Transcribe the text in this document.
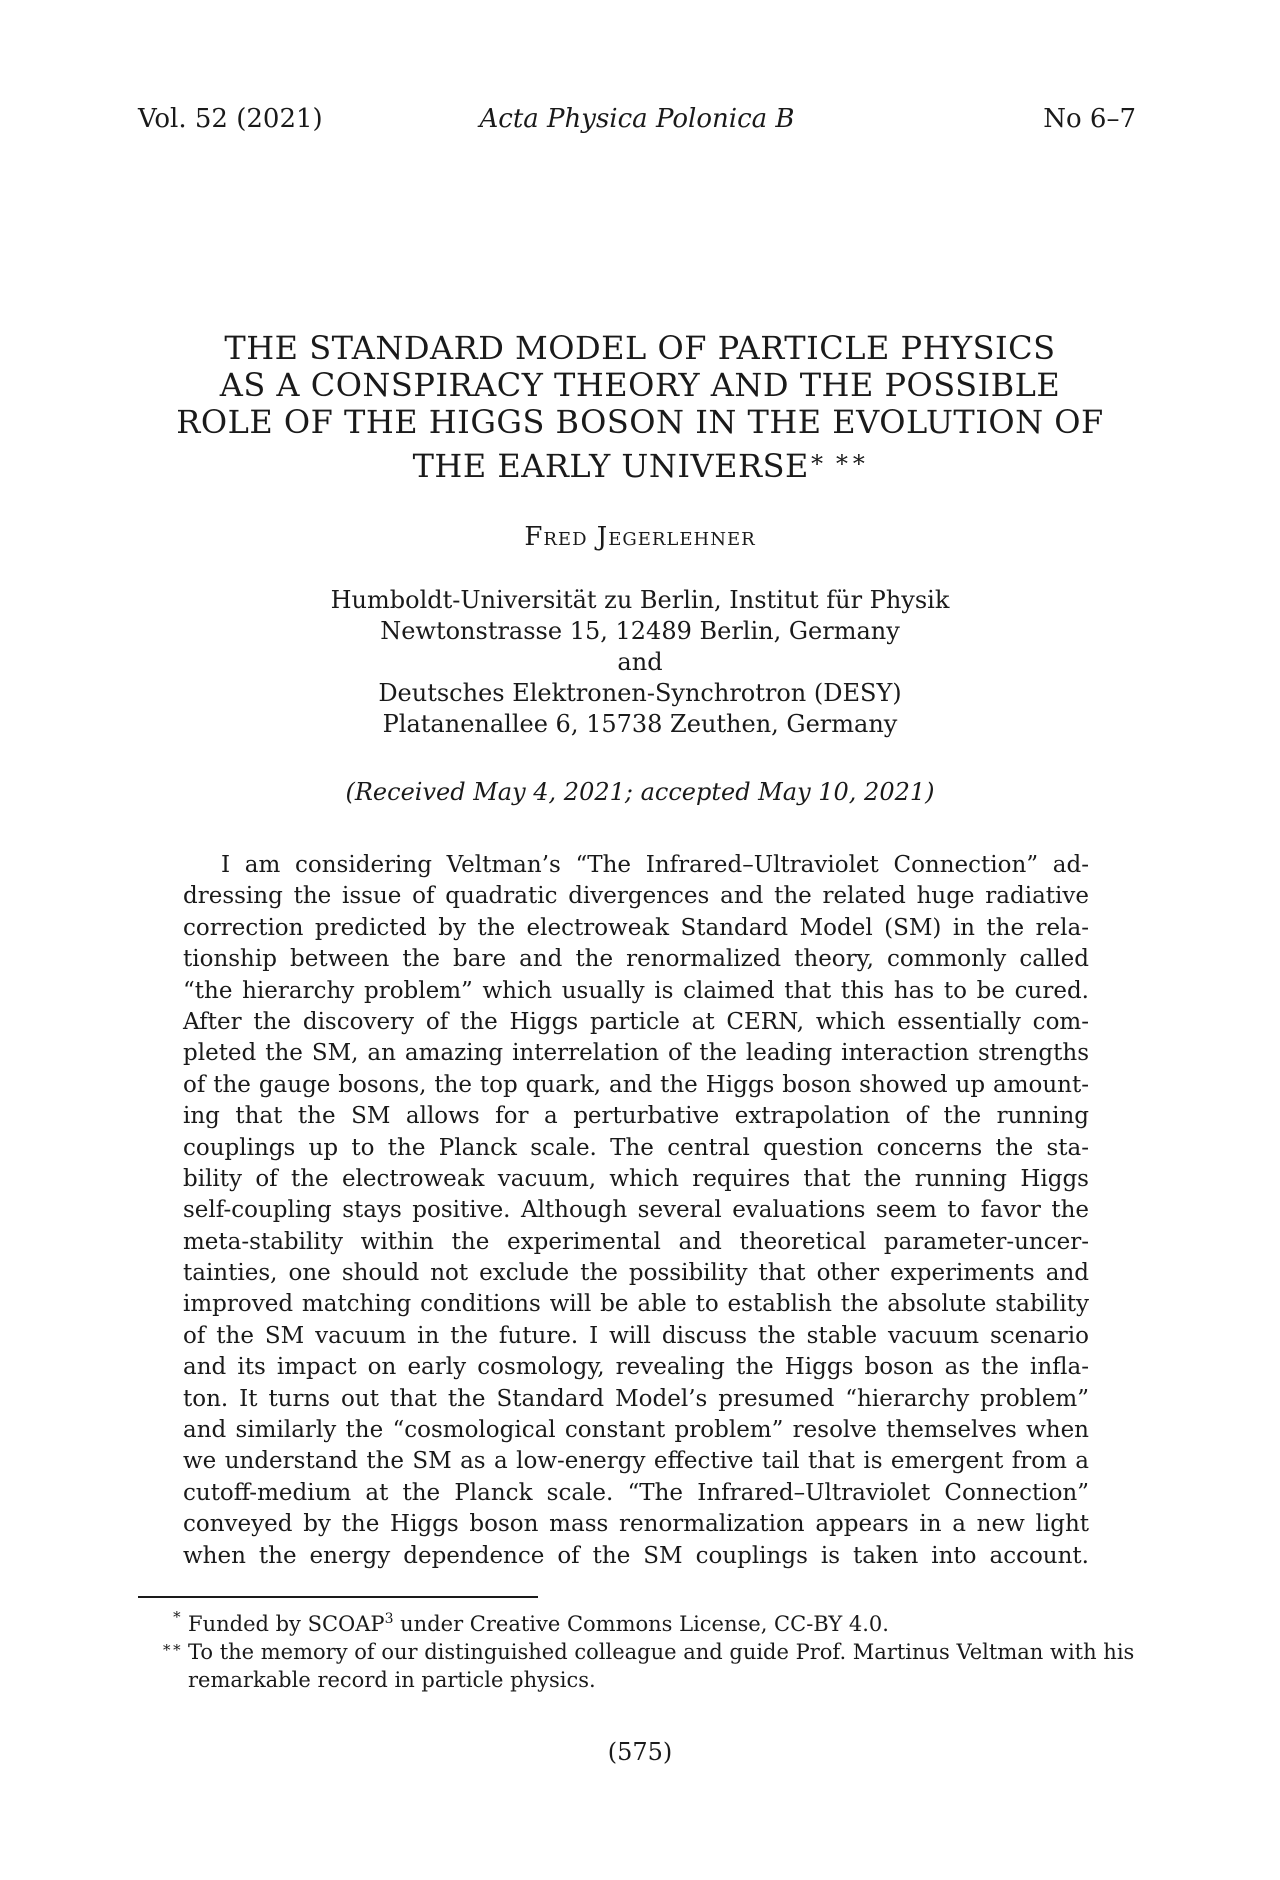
Vol. 52 (2021)	Acta Physica Polonica B	No 6–7
THE STANDARD MODEL OF PARTICLE PHYSICS
AS A CONSPIRACY THEORY AND THE POSSIBLE
ROLE OF THE HIGGS BOSON IN THE EVOLUTION OF
THE EARLY UNIVERSE∗ ∗∗
Fred Jegerlehner
Humboldt-Universität zu Berlin, Institut für Physik
Newtonstrasse 15, 12489 Berlin, Germany
and
Deutsches Elektronen-Synchrotron (DESY)
Platanenallee 6, 15738 Zeuthen, Germany
(Received May 4, 2021; accepted May 10, 2021)
I am considering Veltman’s “The Infrared–Ultraviolet Connection” ad-
dressing the issue of quadratic divergences and the related huge radiative
correction predicted by the electroweak Standard Model (SM) in the rela-
tionship between the bare and the renormalized theory, commonly called
“the hierarchy problem” which usually is claimed that this has to be cured.
After the discovery of the Higgs particle at CERN, which essentially com-
pleted the SM, an amazing interrelation of the leading interaction strengths
of the gauge bosons, the top quark, and the Higgs boson showed up amount-
ing that the SM allows for a perturbative extrapolation of the running
couplings up to the Planck scale. The central question concerns the sta-
bility of the electroweak vacuum, which requires that the running Higgs
self-coupling stays positive. Although several evaluations seem to favor the
meta-stability within the experimental and theoretical parameter-uncer-
tainties, one should not exclude the possibility that other experiments and
improved matching conditions will be able to establish the absolute stability
of the SM vacuum in the future. I will discuss the stable vacuum scenario
and its impact on early cosmology, revealing the Higgs boson as the infla-
ton. It turns out that the Standard Model’s presumed “hierarchy problem”
and similarly the “cosmological constant problem” resolve themselves when
we understand the SM as a low-energy effective tail that is emergent from a
cutoff-medium at the Planck scale. “The Infrared–Ultraviolet Connection”
conveyed by the Higgs boson mass renormalization appears in a new light
when the energy dependence of the SM couplings is taken into account.
∗ Funded by SCOAP$^3$ under Creative Commons License, CC-BY 4.0.
∗∗ To the memory of our distinguished colleague and guide Prof. Martinus Veltman with his remarkable record in particle physics.
(575)
